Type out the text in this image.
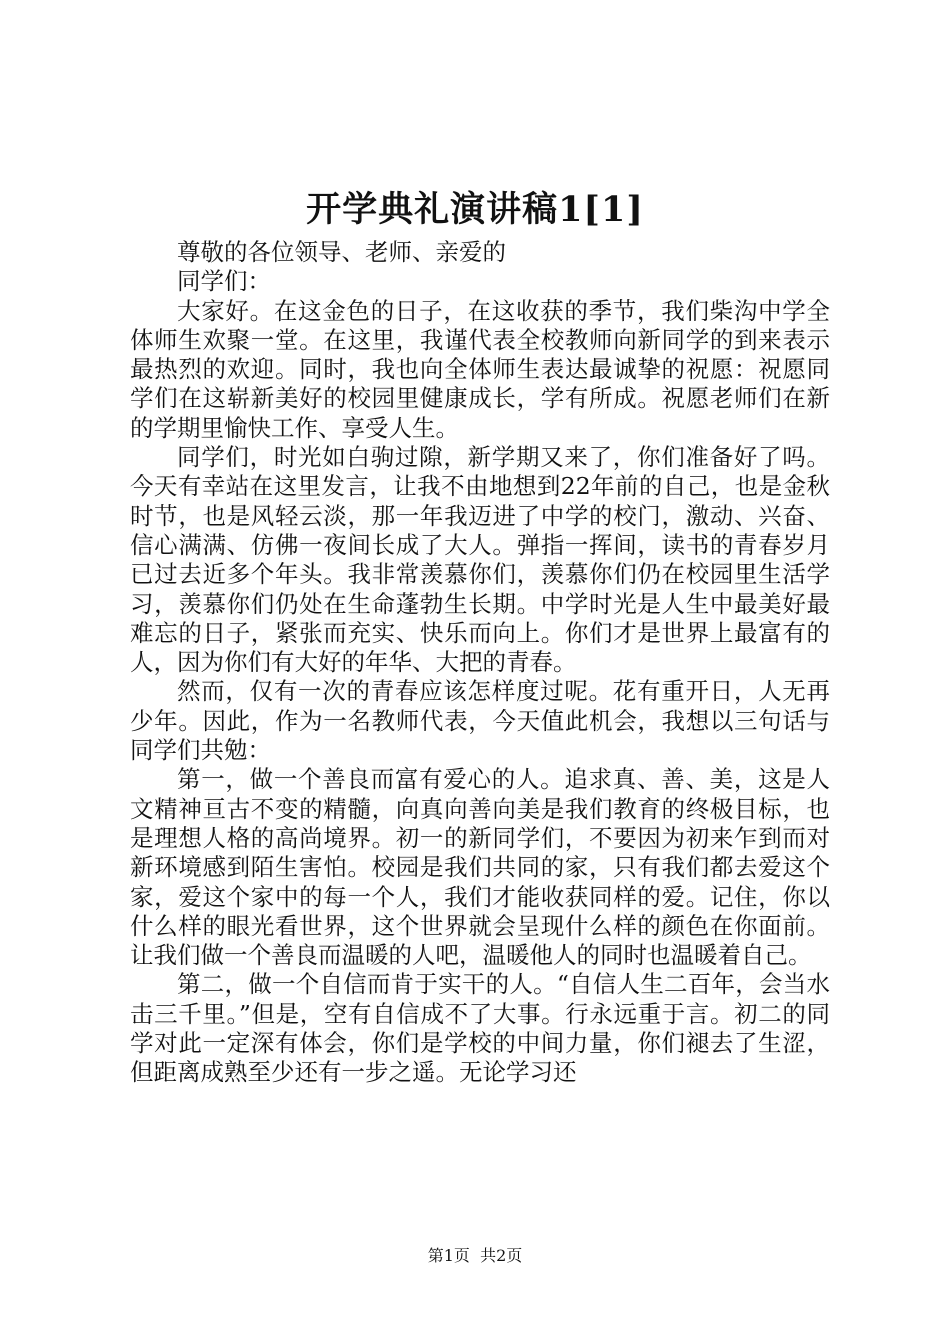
开学典礼演讲稿1[1]

尊敬的各位领导、老师、亲爱的

同学们：

大家好。在这金色的日子，在这收获的季节，我们柴沟中学全体师生欢聚一堂。在这里，我谨代表全校教师向新同学的到来表示最热烈的欢迎。同时，我也向全体师生表达最诚挚的祝愿：祝愿同学们在这崭新美好的校园里健康成长，学有所成。祝愿老师们在新的学期里愉快工作、享受人生。

同学们，时光如白驹过隙，新学期又来了，你们准备好了吗。今天有幸站在这里发言，让我不由地想到22年前的自己，也是金秋时节，也是风轻云淡，那一年我迈进了中学的校门，激动、兴奋、信心满满、仿佛一夜间长成了大人。弹指一挥间，读书的青春岁月已过去近多个年头。我非常羡慕你们，羡慕你们仍在校园里生活学习，羡慕你们仍处在生命蓬勃生长期。中学时光是人生中最美好最难忘的日子，紧张而充实、快乐而向上。你们才是世界上最富有的人，因为你们有大好的年华、大把的青春。

然而，仅有一次的青春应该怎样度过呢。花有重开日，人无再少年。因此，作为一名教师代表，今天值此机会，我想以三句话与同学们共勉：

第一，做一个善良而富有爱心的人。追求真、善、美，这是人文精神亘古不变的精髓，向真向善向美是我们教育的终极目标，也是理想人格的高尚境界。初一的新同学们，不要因为初来乍到而对新环境感到陌生害怕。校园是我们共同的家，只有我们都去爱这个家，爱这个家中的每一个人，我们才能收获同样的爱。记住，你以什么样的眼光看世界，这个世界就会呈现什么样的颜色在你面前。让我们做一个善良而温暖的人吧，温暖他人的同时也温暖着自己。

第二，做一个自信而肯于实干的人。“自信人生二百年，会当水击三千里。”但是，空有自信成不了大事。行永远重于言。初二的同学对此一定深有体会，你们是学校的中间力量，你们褪去了生涩，但距离成熟至少还有一步之遥。无论学习还

第1页 共2页
